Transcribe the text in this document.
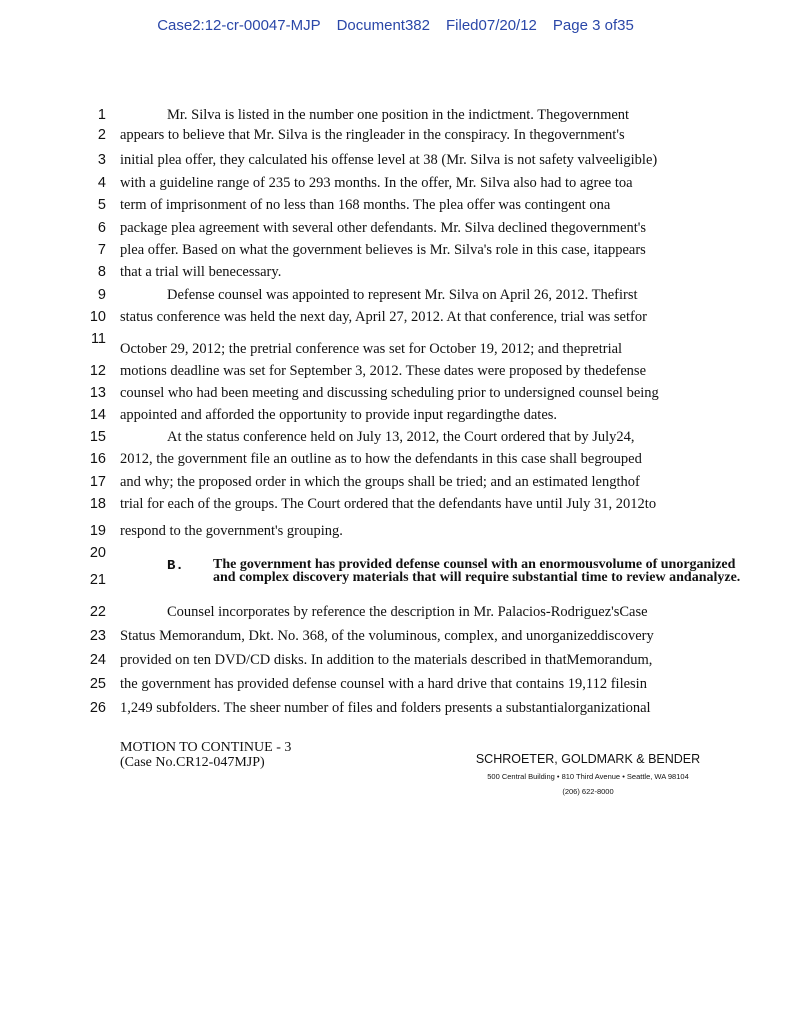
Case2:12-cr-00047-MJP Document382 Filed07/20/12 Page 3 of35
1
2
3
4
5
6
7
8
9
10
11
12
13
14
15
16
17
18
19
20
21
22
23
24
25
26
Mr. Silva is listed in the number one position in the indictment. Thegovernment
appears to believe that Mr. Silva is the ringleader in the conspiracy. In thegovernment's
initial plea offer, they calculated his offense level at 38 (Mr. Silva is not safety valveeligible)
with a guideline range of 235 to 293 months. In the offer, Mr. Silva also had to agree toa
term of imprisonment of no less than 168 months. The plea offer was contingent ona
package plea agreement with several other defendants. Mr. Silva declined thegovernment's
plea offer. Based on what the government believes is Mr. Silva's role in this case, itappears
that a trial will benecessary.
Defense counsel was appointed to represent Mr. Silva on April 26, 2012. Thefirst
status conference was held the next day, April 27, 2012. At that conference, trial was setfor
October 29, 2012; the pretrial conference was set for October 19, 2012; and thepretrial
motions deadline was set for September 3, 2012. These dates were proposed by thedefense
counsel who had been meeting and discussing scheduling prior to undersigned counsel being
appointed and afforded the opportunity to provide input regardingthe dates.
At the status conference held on July 13, 2012, the Court ordered that by July24,
2012, the government file an outline as to how the defendants in this case shall begrouped
and why; the proposed order in which the groups shall be tried; and an estimated lengthof
trial for each of the groups. The Court ordered that the defendants have until July 31, 2012to
respond to the government's grouping.
B. The government has provided defense counsel with an enormousvolume of unorganized and complex discovery materials that will require substantial time to review andanalyze.
Counsel incorporates by reference the description in Mr. Palacios-Rodriguez'sCase
Status Memorandum, Dkt. No. 368, of the voluminous, complex, and unorganizeddiscovery
provided on ten DVD/CD disks. In addition to the materials described in thatMemorandum,
the government has provided defense counsel with a hard drive that contains 19,112 filesin
1,249 subfolders. The sheer number of files and folders presents a substantialorganizational
MOTION TO CONTINUE - 3
(Case No.CR12-047MJP)	SCHROETER, GOLDMARK & BENDER
500 Central Building • 810 Third Avenue • Seattle, WA 98104
(206) 622-8000
